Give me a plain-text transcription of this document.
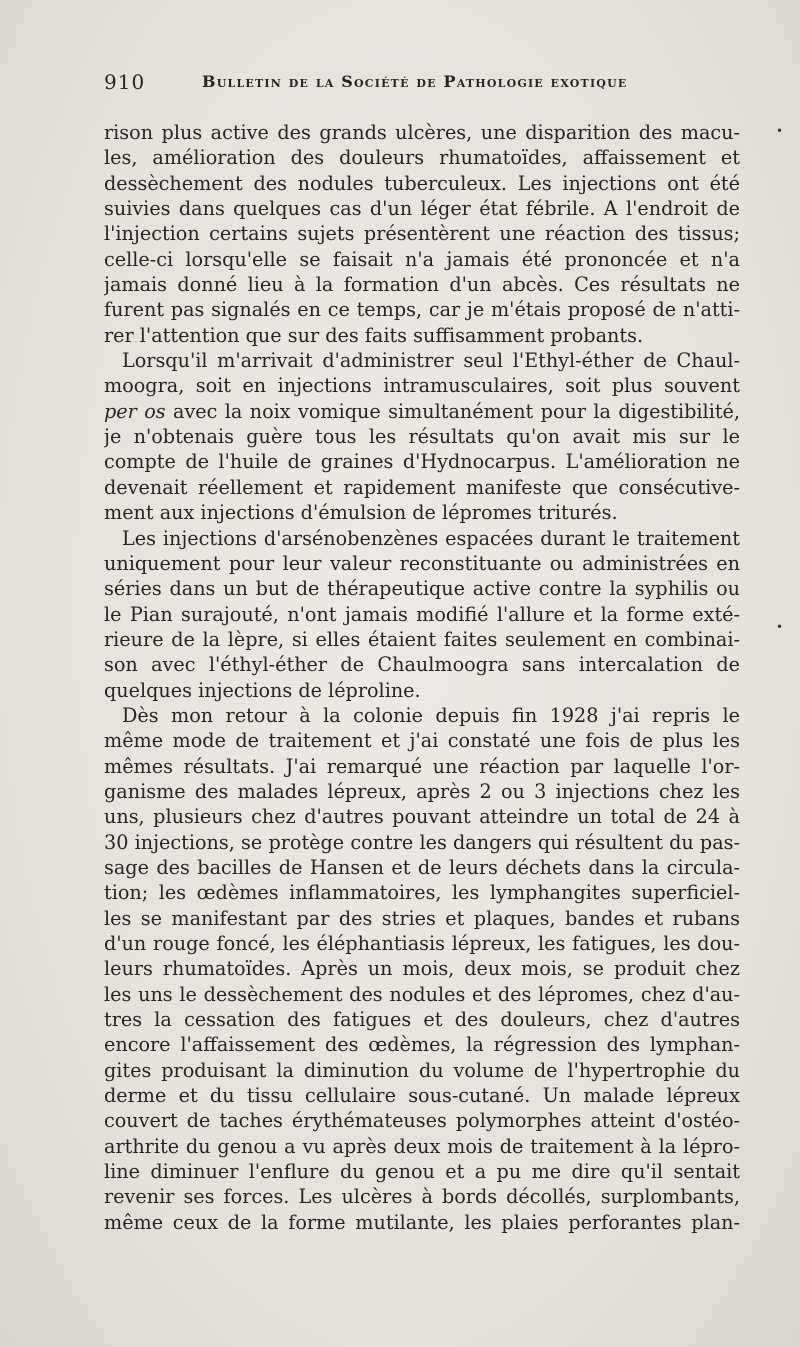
910	Bulletin de la Société de Pathologie exotique
rison plus active des grands ulcères, une disparition des macu-
les, amélioration des douleurs rhumatoïdes, affaissement et
dessèchement des nodules tuberculeux. Les injections ont été
suivies dans quelques cas d'un léger état fébrile. A l'endroit de
l'injection certains sujets présentèrent une réaction des tissus;
celle-ci lorsqu'elle se faisait n'a jamais été prononcée et n'a
jamais donné lieu à la formation d'un abcès. Ces résultats ne
furent pas signalés en ce temps, car je m'étais proposé de n'atti-
rer l'attention que sur des faits suffisamment probants.
Lorsqu'il m'arrivait d'administrer seul l'Ethyl-éther de Chaul-
moogra, soit en injections intramusculaires, soit plus souvent
per os avec la noix vomique simultanément pour la digestibilité,
je n'obtenais guère tous les résultats qu'on avait mis sur le
compte de l'huile de graines d'Hydnocarpus. L'amélioration ne
devenait réellement et rapidement manifeste que consécutive-
ment aux injections d'émulsion de lépromes triturés.
Les injections d'arsénobenzènes espacées durant le traitement
uniquement pour leur valeur reconstituante ou administrées en
séries dans un but de thérapeutique active contre la syphilis ou
le Pian surajouté, n'ont jamais modifié l'allure et la forme exté-
rieure de la lèpre, si elles étaient faites seulement en combinai-
son avec l'éthyl-éther de Chaulmoogra sans intercalation de
quelques injections de léproline.
Dès mon retour à la colonie depuis fin 1928 j'ai repris le
même mode de traitement et j'ai constaté une fois de plus les
mêmes résultats. J'ai remarqué une réaction par laquelle l'or-
ganisme des malades lépreux, après 2 ou 3 injections chez les
uns, plusieurs chez d'autres pouvant atteindre un total de 24 à
30 injections, se protège contre les dangers qui résultent du pas-
sage des bacilles de Hansen et de leurs déchets dans la circula-
tion; les œdèmes inflammatoires, les lymphangites superficiel-
les se manifestant par des stries et plaques, bandes et rubans
d'un rouge foncé, les éléphantiasis lépreux, les fatigues, les dou-
leurs rhumatoïdes. Après un mois, deux mois, se produit chez
les uns le dessèchement des nodules et des lépromes, chez d'au-
tres la cessation des fatigues et des douleurs, chez d'autres
encore l'affaissement des œdèmes, la régression des lymphan-
gites produisant la diminution du volume de l'hypertrophie du
derme et du tissu cellulaire sous-cutané. Un malade lépreux
couvert de taches érythémateuses polymorphes atteint d'ostéo-
arthrite du genou a vu après deux mois de traitement à la lépro-
line diminuer l'enflure du genou et a pu me dire qu'il sentait
revenir ses forces. Les ulcères à bords décollés, surplombants,
même ceux de la forme mutilante, les plaies perforantes plan-
•
•
